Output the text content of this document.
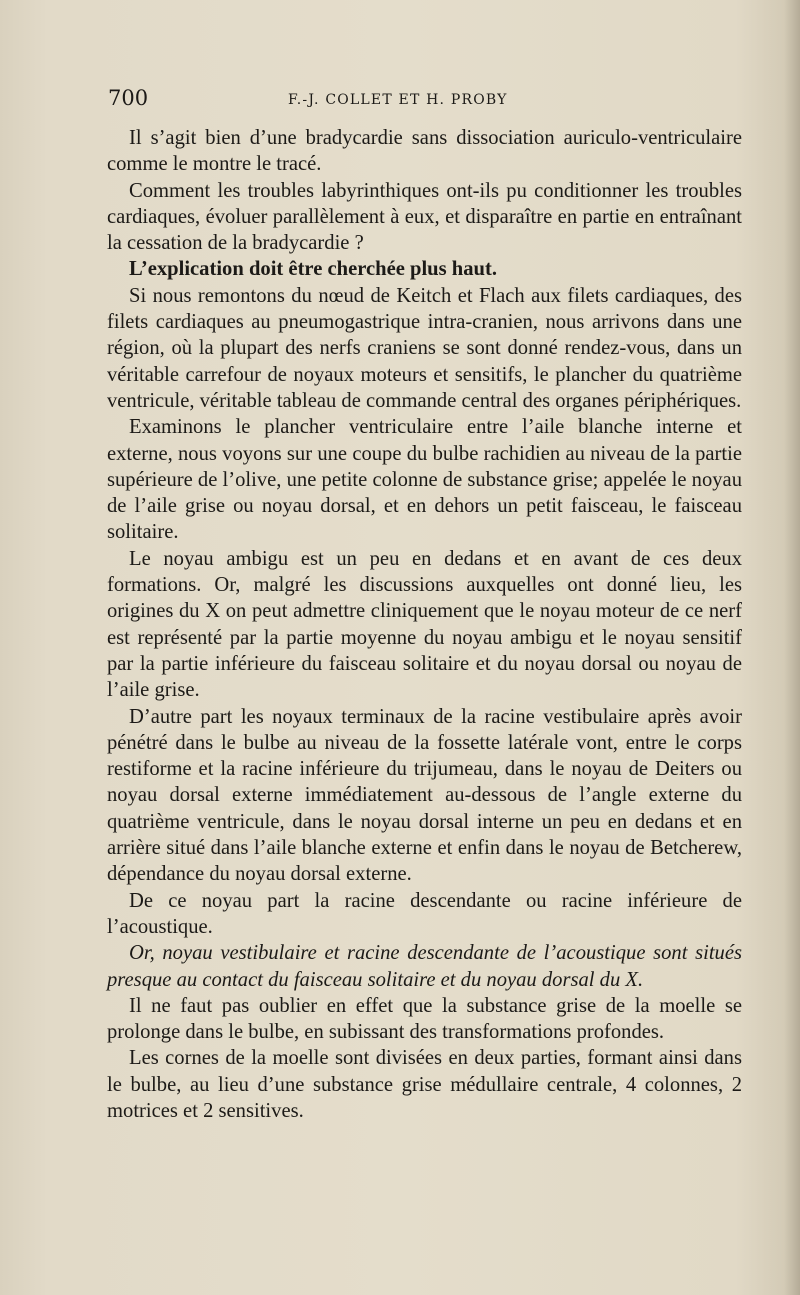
700	F.-J. COLLET ET H. PROBY

Il s’agit bien d’une bradycardie sans dissociation auriculo-ventriculaire comme le montre le tracé.

Comment les troubles labyrinthiques ont-ils pu conditionner les troubles cardiaques, évoluer parallèlement à eux, et disparaître en partie en entraînant la cessation de la bradycardie ?

L’explication doit être cherchée plus haut.

Si nous remontons du nœud de Keitch et Flach aux filets cardiaques, des filets cardiaques au pneumogastrique intra-cranien, nous arrivons dans une région, où la plupart des nerfs craniens se sont donné rendez-vous, dans un véritable carrefour de noyaux moteurs et sensitifs, le plancher du quatrième ventricule, véritable tableau de commande central des organes périphériques.

Examinons le plancher ventriculaire entre l’aile blanche interne et externe, nous voyons sur une coupe du bulbe rachidien au niveau de la partie supérieure de l’olive, une petite colonne de substance grise; appelée le noyau de l’aile grise ou noyau dorsal, et en dehors un petit faisceau, le faisceau solitaire.

Le noyau ambigu est un peu en dedans et en avant de ces deux formations. Or, malgré les discussions auxquelles ont donné lieu, les origines du X on peut admettre cliniquement que le noyau moteur de ce nerf est représenté par la partie moyenne du noyau ambigu et le noyau sensitif par la partie inférieure du faisceau solitaire et du noyau dorsal ou noyau de l’aile grise.

D’autre part les noyaux terminaux de la racine vestibulaire après avoir pénétré dans le bulbe au niveau de la fossette latérale vont, entre le corps restiforme et la racine inférieure du trijumeau, dans le noyau de Deiters ou noyau dorsal externe immédiatement au-dessous de l’angle externe du quatrième ventricule, dans le noyau dorsal interne un peu en dedans et en arrière situé dans l’aile blanche externe et enfin dans le noyau de Betcherew, dépendance du noyau dorsal externe.

De ce noyau part la racine descendante ou racine inférieure de l’acoustique.

Or, noyau vestibulaire et racine descendante de l’acoustique sont situés presque au contact du faisceau solitaire et du noyau dorsal du X.

Il ne faut pas oublier en effet que la substance grise de la moelle se prolonge dans le bulbe, en subissant des transformations profondes.

Les cornes de la moelle sont divisées en deux parties, formant ainsi dans le bulbe, au lieu d’une substance grise médullaire centrale, 4 colonnes, 2 motrices et 2 sensitives.
